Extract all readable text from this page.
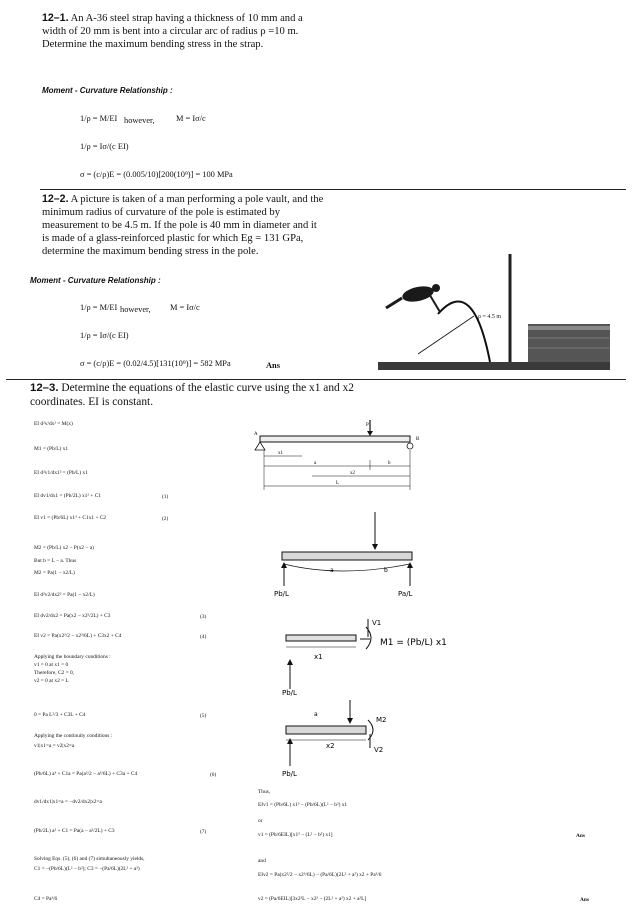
12–1. An A-36 steel strap having a thickness of 10 mm and a width of 20 mm is bent into a circular arc of radius ρ =10 m. Determine the maximum bending stress in the strap.
Moment - Curvature Relationship :
1/ρ = M/EI however,	M = Iσ/c
1/ρ = Iσ/(c EI)
σ = (c/ρ)E = (0.005/10)[200(10⁹)] = 100 MPa
12–2. A picture is taken of a man performing a pole vault, and the minimum radius of curvature of the pole is estimated by measurement to be 4.5 m. If the pole is 40 mm in diameter and it is made of a glass-reinforced plastic for which Eg = 131 GPa, determine the maximum bending stress in the pole.
Moment - Curvature Relationship :
1/ρ = M/EI however, M = Iσ/c
1/ρ = Iσ/(c EI)
σ = (c/ρ)E = (0.02/4.5)[131(10⁹)] = 582 MPa	Ans
ρ = 4.5 m
12–3. Determine the equations of the elastic curve using the x1 and x2 coordinates. EI is constant.
EI d²v/dx² = M(x)
M1 = (Pb/L) x1
EI d²v1/dx1² = (Pb/L) x1
EI dv1/dx1 = (Pb/2L) x1² + C1	(1)
EI v1 = (Pb/6L) x1³ + C1x1 + C2	(2)
M2 = (Pb/L) x2 − P(x2 − a)
But b = L − a. Thus
M2 = Pa(1 − x2/L)
EI d²v2/dx2² = Pa(1 − x2/L)
EI dv2/dx2 = Pa(x2 − x2²/2L) + C3	(3)
EI v2 = Pa(x2²/2 − x2³/6L) + C3x2 + C4	(4)
Applying the boundary conditions :
v1 = 0 at x1 = 0
Therefore, C2 = 0,
v2 = 0 at x2 = L
0 = Pa L²/3 + C3L + C4	(5)
Applying the continuity conditions :
v1|x1=a = v2|x2=a
(Pb/6L) a³ + C1a = Pa(a²/2 − a³/6L) + C3a + C4	(6)
dv1/dx1|x1=a = −dv2/dx2|x2=a
(Pb/2L) a² + C1 = Pa(a − a²/2L) + C3	(7)
Solving Eqs. (5), (6) and (7) simultaneously yields,
C1 = −(Pb/6L)(L² − b²); C3 = −(Pa/6L)(2L² + a²)
C4 = Pa³/6
Thus,
EIv1 = (Pb/6L) x1³ − (Pb/6L)(L² − b²) x1
or
v1 = (Pb/6EIL)[x1³ − (L² − b²) x1]	Ans
and
EIv2 = Pa(x2²/2 − x2³/6L) − (Pa/6L)(2L² + a²) x2 + Pa³/6
v2 = (Pa/6EIL)[3x2²L − x2³ − (2L² + a²) x2 + a²L]	Ans
P
A
B
x1
a	b
x2
L
a	b
Pb/L	Pa/L
x1
V1
M1 = (Pb/L) x1
Pb/L
a
x2
M2
V2
Pb/L
